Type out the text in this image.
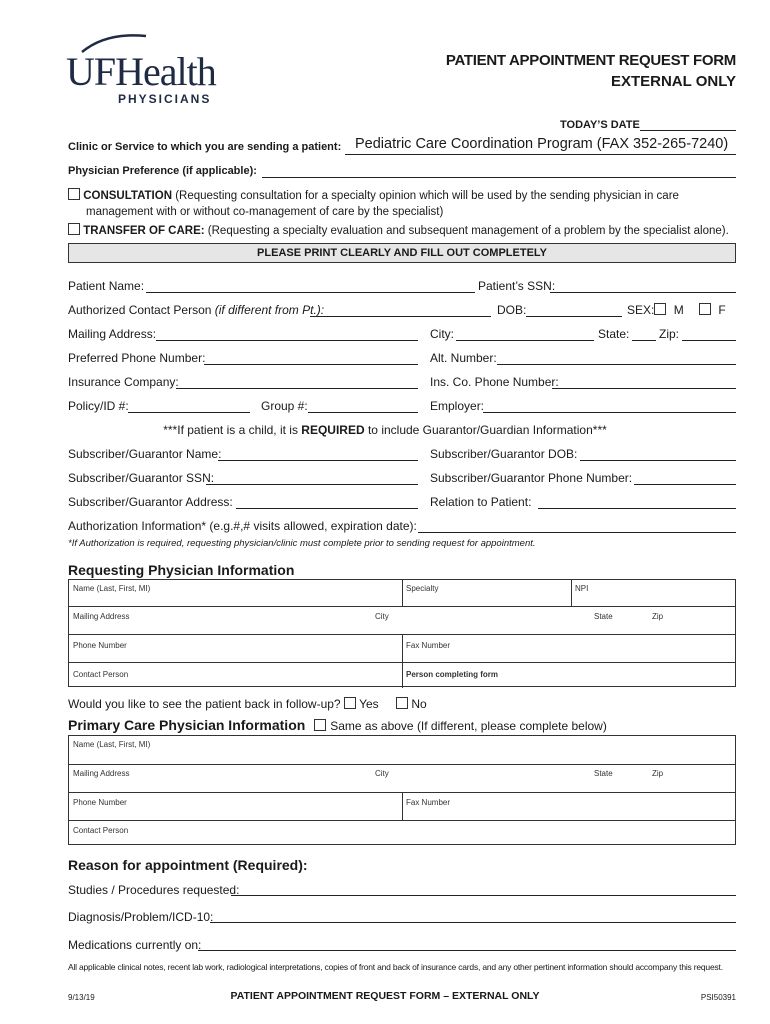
UFHealth
PHYSICIANS
PATIENT APPOINTMENT REQUEST FORM
EXTERNAL ONLY
TODAY’S DATE
Clinic or Service to which you are sending a patient: Pediatric Care Coordination Program (FAX 352-265-7240)
Physician Preference (if applicable):
CONSULTATION (Requesting consultation for a specialty opinion which will be used by the sending physician in care
management with or without co-management of care by the specialist)
TRANSFER OF CARE: (Requesting a specialty evaluation and subsequent management of a problem by the specialist alone).
PLEASE PRINT CLEARLY AND FILL OUT COMPLETELY
Patient Name:	Patient’s SSN:
Authorized Contact Person (if different from Pt.):	DOB:	SEX: M	F
Mailing Address:	City:	State: Zip:
Preferred Phone Number:	Alt. Number:
Insurance Company:	Ins. Co. Phone Number:
Policy/ID #:	Group #:	Employer:
***If patient is a child, it is REQUIRED to include Guarantor/Guardian Information***
Subscriber/Guarantor Name:	Subscriber/Guarantor DOB:
Subscriber/Guarantor SSN:	Subscriber/Guarantor Phone Number:
Subscriber/Guarantor Address:	Relation to Patient:
Authorization Information* (e.g.#,# visits allowed, expiration date):
*If Authorization is required, requesting physician/clinic must complete prior to sending request for appointment.
Requesting Physician Information
Name (Last, First, MI)	Specialty	NPI
Mailing Address	City	State	Zip
Phone Number	Fax Number
Contact Person	Person completing form
Would you like to see the patient back in follow-up? Yes	No
Primary Care Physician Information Same as above (If different, please complete below)
Name (Last, First, MI)
Mailing Address	City	State	Zip
Phone Number	Fax Number
Contact Person
Reason for appointment (Required):
Studies / Procedures requested:
Diagnosis/Problem/ICD-10:
Medications currently on:
All applicable clinical notes, recent lab work, radiological interpretations, copies of front and back of insurance cards, and any other pertinent information should accompany this request.
9/13/19	PATIENT APPOINTMENT REQUEST FORM – EXTERNAL ONLY	PSI50391
